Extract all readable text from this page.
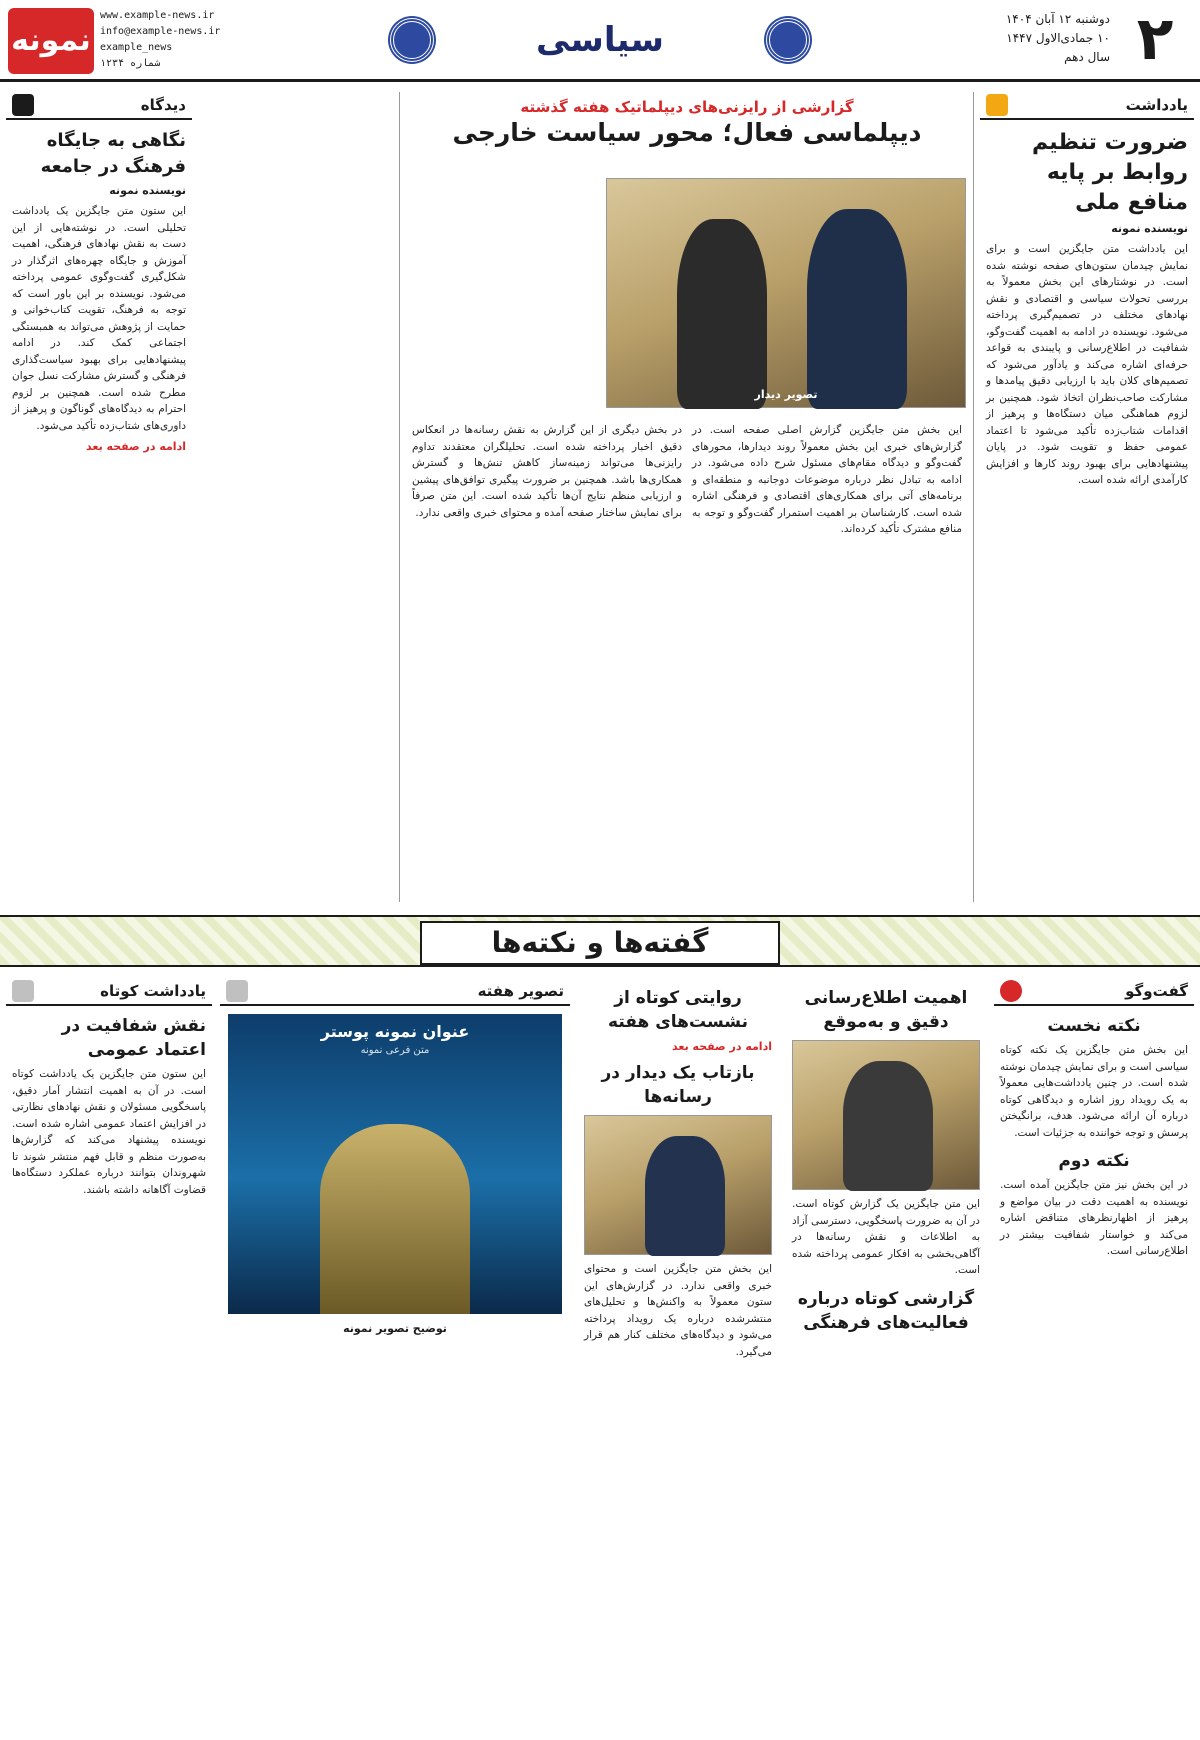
۲
دوشنبه ۱۲ آبان ۱۴۰۴
۱۰ جمادی‌الاول ۱۴۴۷
سال دهم
سیاسی
www.example-news.ir
info@example-news.ir
example_news
شماره ۱۲۳۴
نمونه
یادداشت
ضرورت تنظیم روابط بر پایه منافع ملی
نویسنده نمونه

این یادداشت متن جایگزین است و برای نمایش چیدمان ستون‌های صفحه نوشته شده است. در نوشتارهای این بخش معمولاً به بررسی تحولات سیاسی و اقتصادی و نقش نهادهای مختلف در تصمیم‌گیری پرداخته می‌شود. نویسنده در ادامه به اهمیت گفت‌وگو، شفافیت در اطلاع‌رسانی و پایبندی به قواعد حرفه‌ای اشاره می‌کند و یادآور می‌شود که تصمیم‌های کلان باید با ارزیابی دقیق پیامدها و مشارکت صاحب‌نظران اتخاذ شود. همچنین بر لزوم هماهنگی میان دستگاه‌ها و پرهیز از اقدامات شتاب‌زده تأکید می‌شود تا اعتماد عمومی حفظ و تقویت شود. در پایان پیشنهادهایی برای بهبود روند کارها و افزایش کارآمدی ارائه شده است.

گزارشی از رایزنی‌های دیپلماتیک هفته گذشته
دیپلماسی فعال؛ محور سیاست خارجی
تصویر دیدار

این بخش متن جایگزین گزارش اصلی صفحه است. در گزارش‌های خبری این بخش معمولاً روند دیدارها، محورهای گفت‌وگو و دیدگاه مقام‌های مسئول شرح داده می‌شود. در ادامه به تبادل نظر درباره موضوعات دوجانبه و منطقه‌ای و برنامه‌های آتی برای همکاری‌های اقتصادی و فرهنگی اشاره شده است. کارشناسان بر اهمیت استمرار گفت‌وگو و توجه به منافع مشترک تأکید کرده‌اند.

در بخش دیگری از این گزارش به نقش رسانه‌ها در انعکاس دقیق اخبار پرداخته شده است. تحلیلگران معتقدند تداوم رایزنی‌ها می‌تواند زمینه‌ساز کاهش تنش‌ها و گسترش همکاری‌ها باشد. همچنین بر ضرورت پیگیری توافق‌های پیشین و ارزیابی منظم نتایج آن‌ها تأکید شده است. این متن صرفاً برای نمایش ساختار صفحه آمده و محتوای خبری واقعی ندارد.

دیدگاه
نگاهی به جایگاه فرهنگ در جامعه
نویسنده نمونه

این ستون متن جایگزین یک یادداشت تحلیلی است. در نوشته‌هایی از این دست به نقش نهادهای فرهنگی، اهمیت آموزش و جایگاه چهره‌های اثرگذار در شکل‌گیری گفت‌وگوی عمومی پرداخته می‌شود. نویسنده بر این باور است که توجه به فرهنگ، تقویت کتاب‌خوانی و حمایت از پژوهش می‌تواند به همبستگی اجتماعی کمک کند. در ادامه پیشنهادهایی برای بهبود سیاست‌گذاری فرهنگی و گسترش مشارکت نسل جوان مطرح شده است. همچنین بر لزوم احترام به دیدگاه‌های گوناگون و پرهیز از داوری‌های شتاب‌زده تأکید می‌شود.

ادامه در صفحه بعد
گفته‌ها و نکته‌ها
گفت‌وگو
نکته نخست

این بخش متن جایگزین یک نکته کوتاه سیاسی است و برای نمایش چیدمان نوشته شده است. در چنین یادداشت‌هایی معمولاً به یک رویداد روز اشاره و دیدگاهی کوتاه درباره آن ارائه می‌شود. هدف، برانگیختن پرسش و توجه خواننده به جزئیات است.

نکته دوم

در این بخش نیز متن جایگزین آمده است. نویسنده به اهمیت دقت در بیان مواضع و پرهیز از اظهارنظرهای متناقض اشاره می‌کند و خواستار شفافیت بیشتر در اطلاع‌رسانی است.

اهمیت اطلاع‌رسانی دقیق و به‌موقع

این متن جایگزین یک گزارش کوتاه است. در آن به ضرورت پاسخگویی، دسترسی آزاد به اطلاعات و نقش رسانه‌ها در آگاهی‌بخشی به افکار عمومی پرداخته شده است.

گزارشی کوتاه درباره فعالیت‌های فرهنگی
روایتی کوتاه از نشست‌های هفته
ادامه در صفحه بعد
بازتاب یک دیدار در رسانه‌ها

این بخش متن جایگزین است و محتوای خبری واقعی ندارد. در گزارش‌های این ستون معمولاً به واکنش‌ها و تحلیل‌های منتشرشده درباره یک رویداد پرداخته می‌شود و دیدگاه‌های مختلف کنار هم قرار می‌گیرد.

تصویر هفته
عنوان نمونه پوستر
متن فرعی نمونه
توضیح تصویر نمونه
یادداشت کوتاه
نقش شفافیت در اعتماد عمومی

این ستون متن جایگزین یک یادداشت کوتاه است. در آن به اهمیت انتشار آمار دقیق، پاسخگویی مسئولان و نقش نهادهای نظارتی در افزایش اعتماد عمومی اشاره شده است. نویسنده پیشنهاد می‌کند که گزارش‌ها به‌صورت منظم و قابل فهم منتشر شوند تا شهروندان بتوانند درباره عملکرد دستگاه‌ها قضاوت آگاهانه داشته باشند.
